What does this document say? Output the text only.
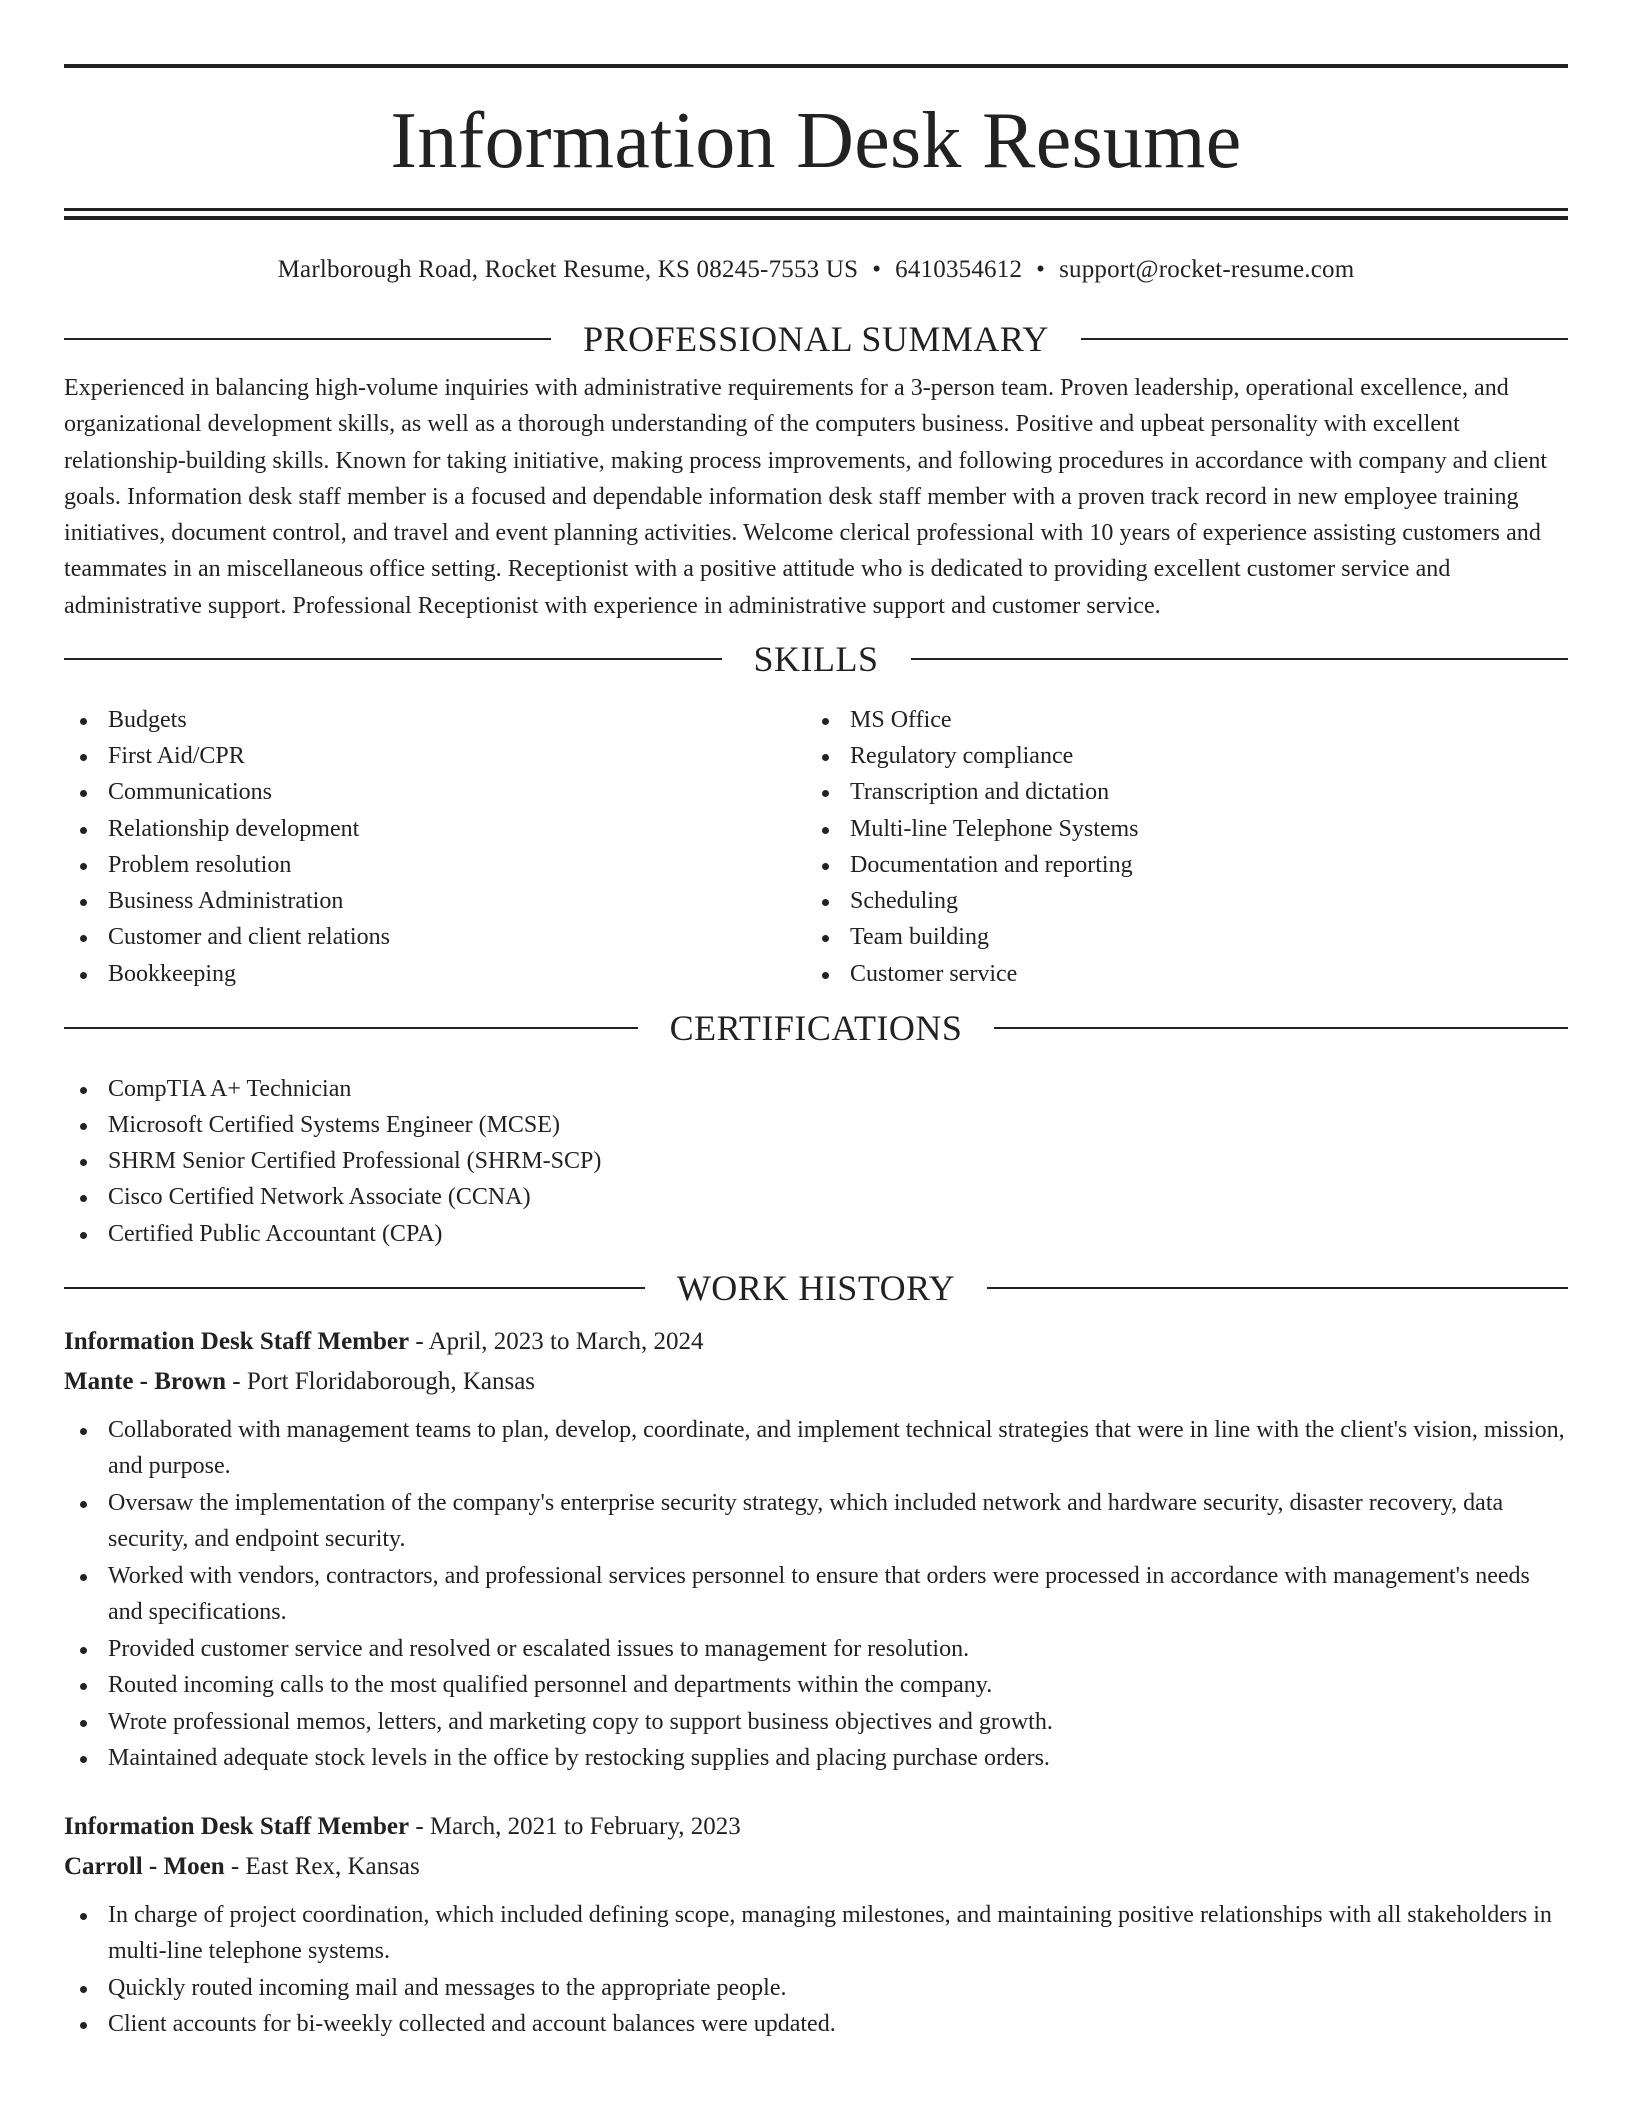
Information Desk Resume
Marlborough Road, Rocket Resume, KS 08245-7553 US • 6410354612 • support@rocket-resume.com
PROFESSIONAL SUMMARY

Experienced in balancing high-volume inquiries with administrative requirements for a 3-person team. Proven leadership, operational excellence, and organizational development skills, as well as a thorough understanding of the computers business. Positive and upbeat personality with excellent relationship-building skills. Known for taking initiative, making process improvements, and following procedures in accordance with company and client goals. Information desk staff member is a focused and dependable information desk staff member with a proven track record in new employee training initiatives, document control, and travel and event planning activities. Welcome clerical professional with 10 years of experience assisting customers and teammates in an miscellaneous office setting. Receptionist with a positive attitude who is dedicated to providing excellent customer service and administrative support. Professional Receptionist with experience in administrative support and customer service.

SKILLS
Budgets
First Aid/CPR
Communications
Relationship development
Problem resolution
Business Administration
Customer and client relations
Bookkeeping
MS Office
Regulatory compliance
Transcription and dictation
Multi-line Telephone Systems
Documentation and reporting
Scheduling
Team building
Customer service
CERTIFICATIONS
CompTIA A+ Technician
Microsoft Certified Systems Engineer (MCSE)
SHRM Senior Certified Professional (SHRM-SCP)
Cisco Certified Network Associate (CCNA)
Certified Public Accountant (CPA)
WORK HISTORY
Information Desk Staff Member - April, 2023 to March, 2024
Mante - Brown - Port Floridaborough, Kansas
Collaborated with management teams to plan, develop, coordinate, and implement technical strategies that were in line with the client's vision, mission, and purpose.
Oversaw the implementation of the company's enterprise security strategy, which included network and hardware security, disaster recovery, data security, and endpoint security.
Worked with vendors, contractors, and professional services personnel to ensure that orders were processed in accordance with management's needs and specifications.
Provided customer service and resolved or escalated issues to management for resolution.
Routed incoming calls to the most qualified personnel and departments within the company.
Wrote professional memos, letters, and marketing copy to support business objectives and growth.
Maintained adequate stock levels in the office by restocking supplies and placing purchase orders.
Information Desk Staff Member - March, 2021 to February, 2023
Carroll - Moen - East Rex, Kansas
In charge of project coordination, which included defining scope, managing milestones, and maintaining positive relationships with all stakeholders in multi-line telephone systems.
Quickly routed incoming mail and messages to the appropriate people.
Client accounts for bi-weekly collected and account balances were updated.
